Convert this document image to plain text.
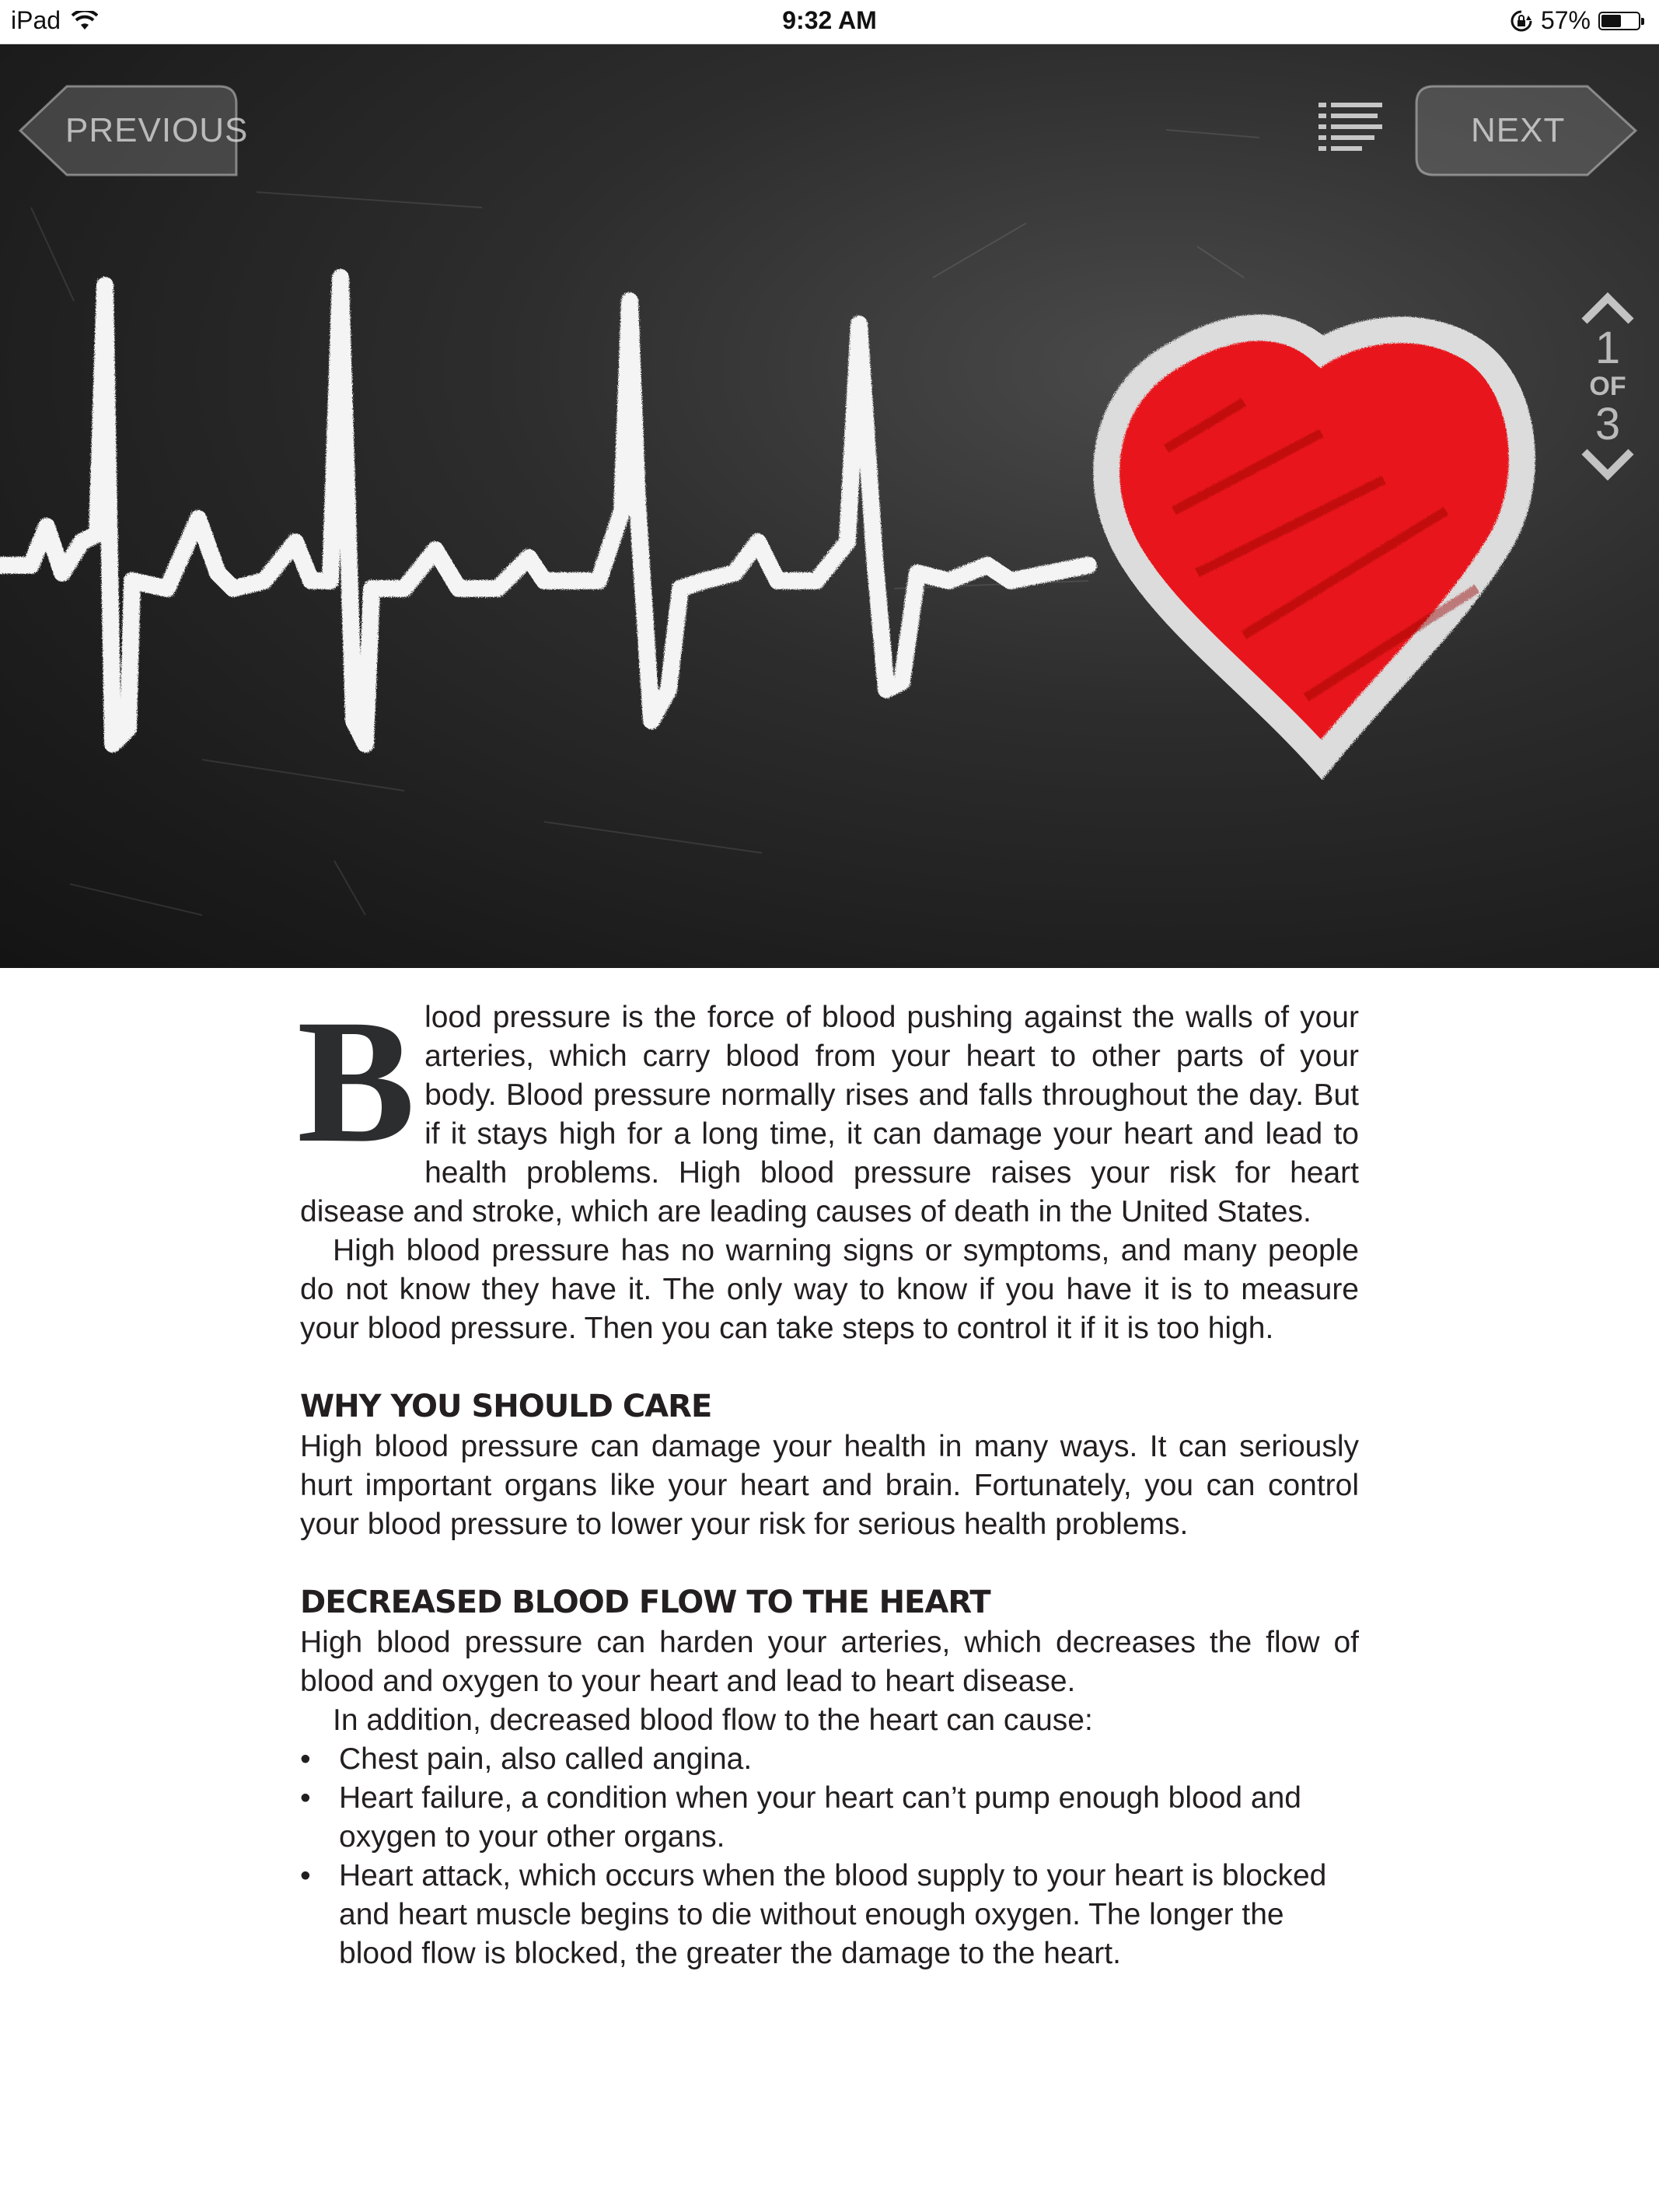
iPad	9:32 AM	57%
PREVIOUS	NEXT
1
OF
3

Blood pressure is the force of blood pushing against the walls of your arteries, which carry blood from your heart to other parts of your body. Blood pressure normally rises and falls throughout the day. But if it stays high for a long time, it can damage your heart and lead to health problems. High blood pressure raises your risk for heart disease and stroke, which are leading causes of death in the United States.

High blood pressure has no warning signs or symptoms, and many people do not know they have it. The only way to know if you have it is to measure your blood pressure. Then you can take steps to control it if it is too high.

WHY YOU SHOULD CARE

High blood pressure can damage your health in many ways. It can seriously hurt important organs like your heart and brain. Fortunately, you can control your blood pressure to lower your risk for serious health problems.

DECREASED BLOOD FLOW TO THE HEART

High blood pressure can harden your arteries, which decreases the flow of blood and oxygen to your heart and lead to heart disease.

In addition, decreased blood flow to the heart can cause:

• Chest pain, also called angina.
• Heart failure, a condition when your heart can’t pump enough blood and oxygen to your other organs.
• Heart attack, which occurs when the blood supply to your heart is blocked and heart muscle begins to die without enough oxygen. The longer the blood flow is blocked, the greater the damage to the heart.
